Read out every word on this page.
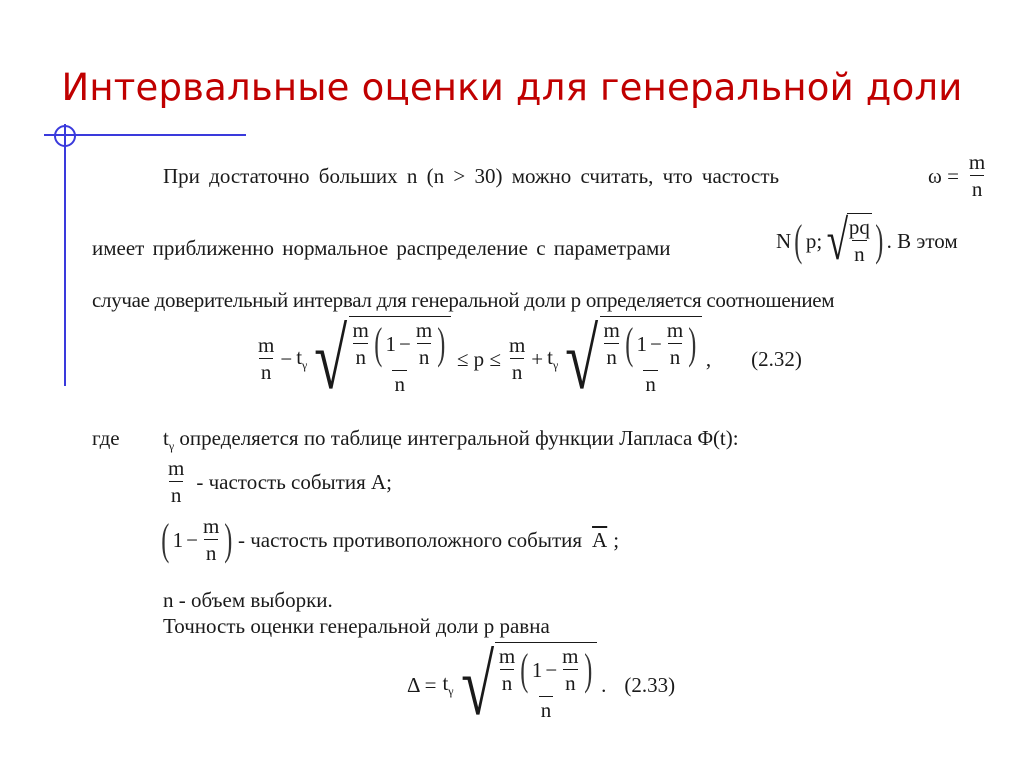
Интервальные оценки для генеральной доли
При достаточно больших n (n > 30) можно считать, что частость	$\omega = \frac{m}{n}$
имеет приближенно нормальное распределение с параметрами	N ( p; √
$\frac{pq}{n}$ ) . В этом
случае доверительный интервал для генеральной доли p определяется соотношением
$\frac{m}{n} - t_\gamma$ √ $\frac{m}{n}$ ( $1 - \frac{m}{n}$ )
n
≤ $p \le \frac{m}{n} + t_\gamma$ √ $\frac{m}{n}$ ( $1 - \frac{m}{n}$ )
n
, (2.32)
где $t_\gamma$ определяется по таблице интегральной функции Лапласа Φ(t):
$\frac{m}{n}$ - частость события A;
( $1 - \frac{m}{n}$ ) - частость противоположного события $\overline{A}$ ;
n - объем выборки.
Точность оценки генеральной доли p равна
$\Delta = t_\gamma$ √ $\frac{m}{n}$ ( $1 - \frac{m}{n}$ )
n
. (2.33)
